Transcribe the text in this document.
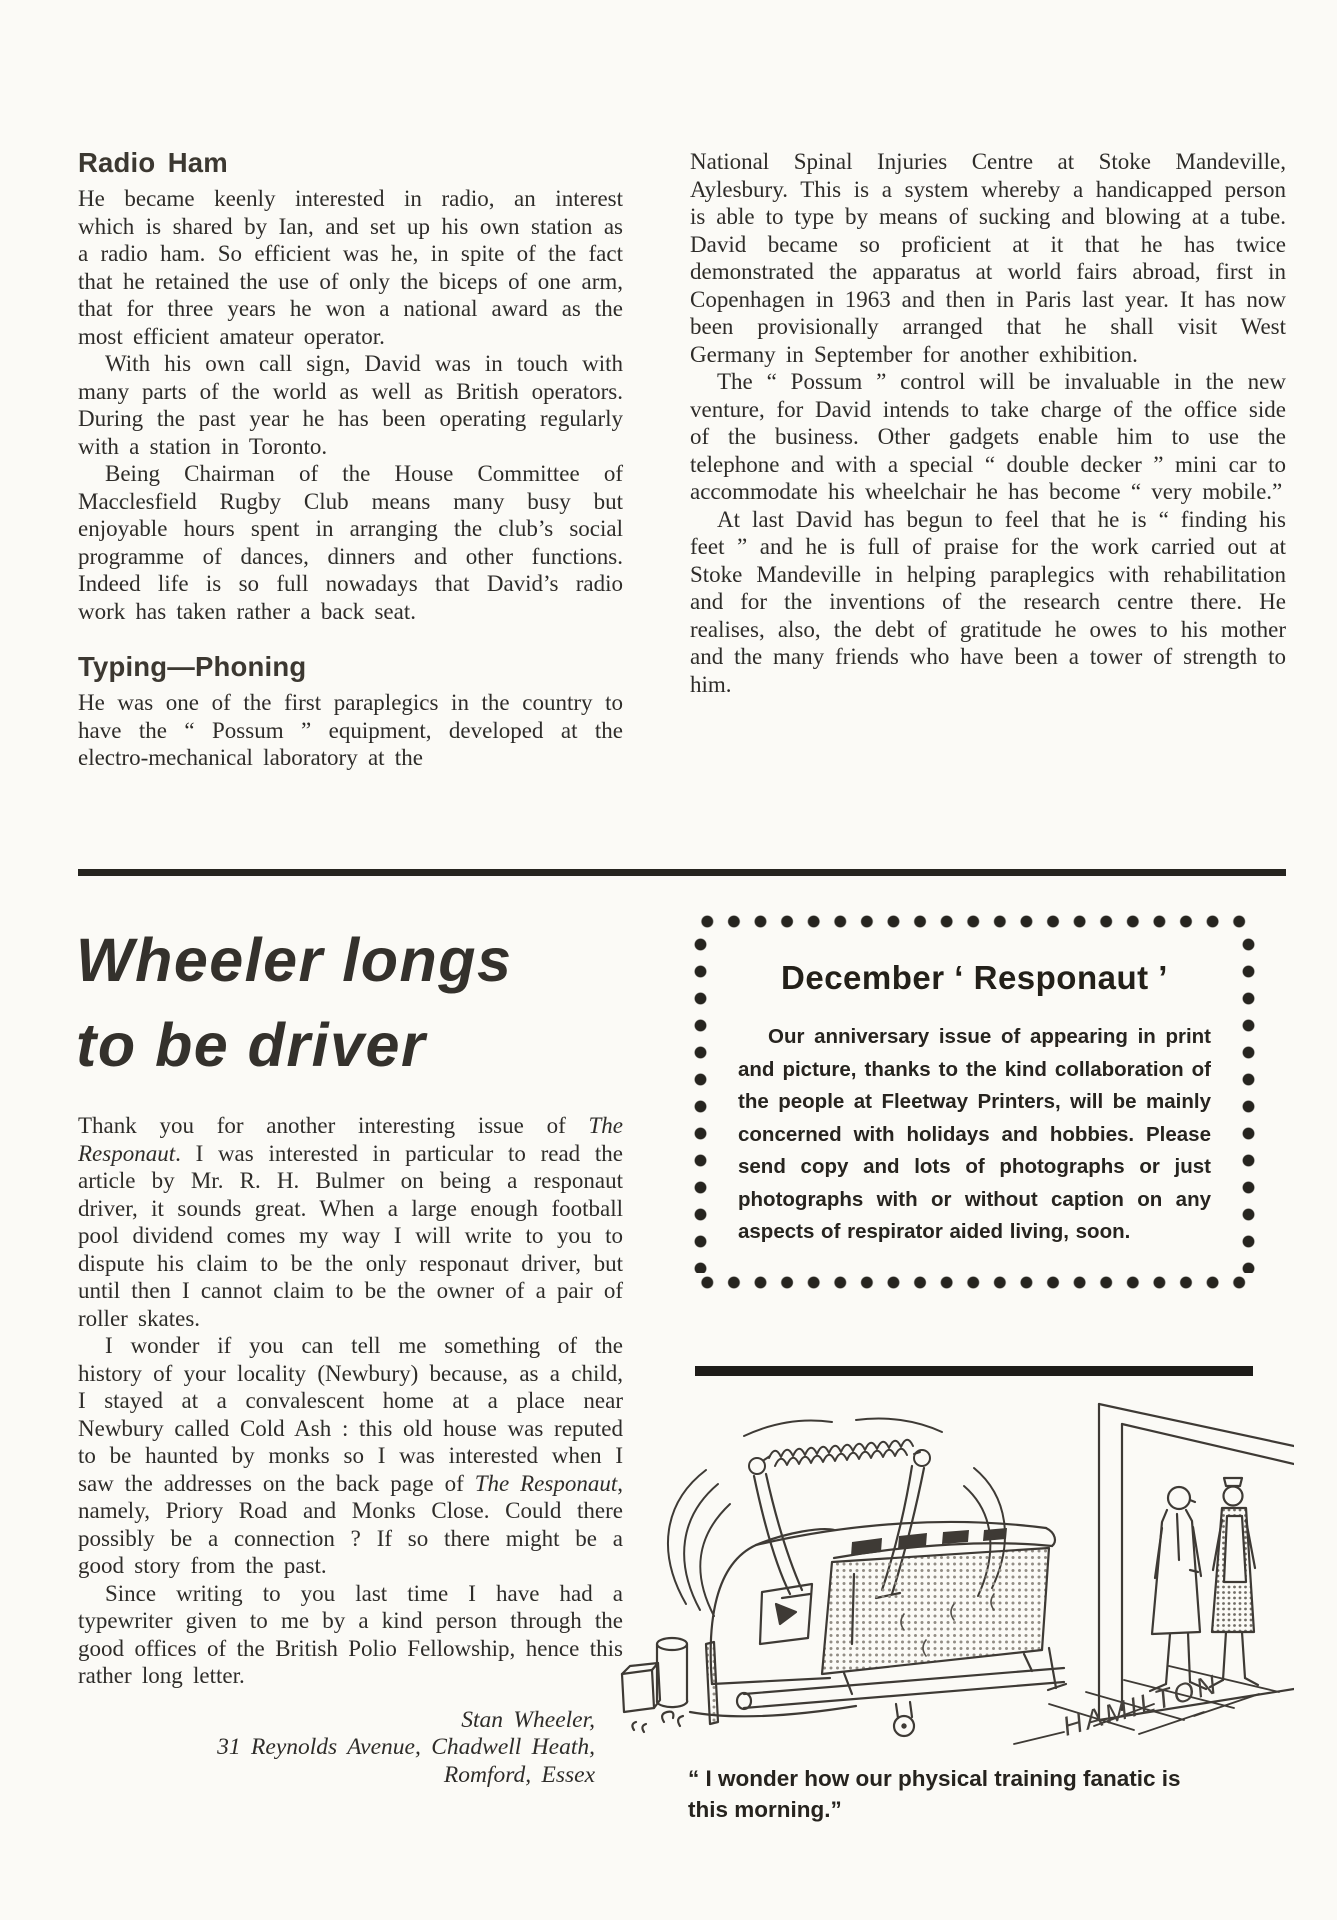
Radio Ham

He became keenly interested in radio, an interest which is shared by Ian, and set up his own station as a radio ham. So efficient was he, in spite of the fact that he retained the use of only the biceps of one arm, that for three years he won a national award as the most efficient amateur operator.

With his own call sign, David was in touch with many parts of the world as well as British operators. During the past year he has been operating regularly with a station in Toronto.

Being Chairman of the House Committee of Macclesfield Rugby Club means many busy but enjoyable hours spent in arranging the club’s social programme of dances, dinners and other functions. Indeed life is so full nowadays that David’s radio work has taken rather a back seat.

Typing—Phoning

He was one of the first paraplegics in the country to have the “ Possum ” equipment, developed at the electro-mechanical laboratory at the

National Spinal Injuries Centre at Stoke Mandeville, Aylesbury. This is a system whereby a handicapped person is able to type by means of sucking and blowing at a tube. David became so proficient at it that he has twice demonstrated the apparatus at world fairs abroad, first in Copenhagen in 1963 and then in Paris last year. It has now been provisionally arranged that he shall visit West Germany in September for another exhibition.

The “ Possum ” control will be invaluable in the new venture, for David intends to take charge of the office side of the business. Other gadgets enable him to use the telephone and with a special “ double decker ” mini car to accommodate his wheelchair he has become “ very mobile.”

At last David has begun to feel that he is “ finding his feet ” and he is full of praise for the work carried out at Stoke Mandeville in helping paraplegics with rehabilitation and for the inventions of the research centre there. He realises, also, the debt of gratitude he owes to his mother and the many friends who have been a tower of strength to him.

Wheeler longs
to be driver

Thank you for another interesting issue of The Responaut. I was interested in particular to read the article by Mr. R. H. Bulmer on being a responaut driver, it sounds great. When a large enough football pool dividend comes my way I will write to you to dispute his claim to be the only responaut driver, but until then I cannot claim to be the owner of a pair of roller skates.

I wonder if you can tell me something of the history of your locality (Newbury) because, as a child, I stayed at a convalescent home at a place near Newbury called Cold Ash : this old house was reputed to be haunted by monks so I was interested when I saw the addresses on the back page of The Responaut, namely, Priory Road and Monks Close. Could there possibly be a connection ? If so there might be a good story from the past.

Since writing to you last time I have had a typewriter given to me by a kind person through the good offices of the British Polio Fellowship, hence this rather long letter.

Stan Wheeler,
31 Reynolds Avenue, Chadwell Heath,
Romford, Essex
December ‘ Responaut ’
Our anniversary issue of appearing in print and picture, thanks to the kind collaboration of the people at Fleetway Printers, will be mainly concerned with holidays and hobbies. Please send copy and lots of photographs or just photographs with or without caption on any aspects of respirator aided living, soon.
HAMILTON
“ I wonder how our physical training fanatic is
this morning.”
